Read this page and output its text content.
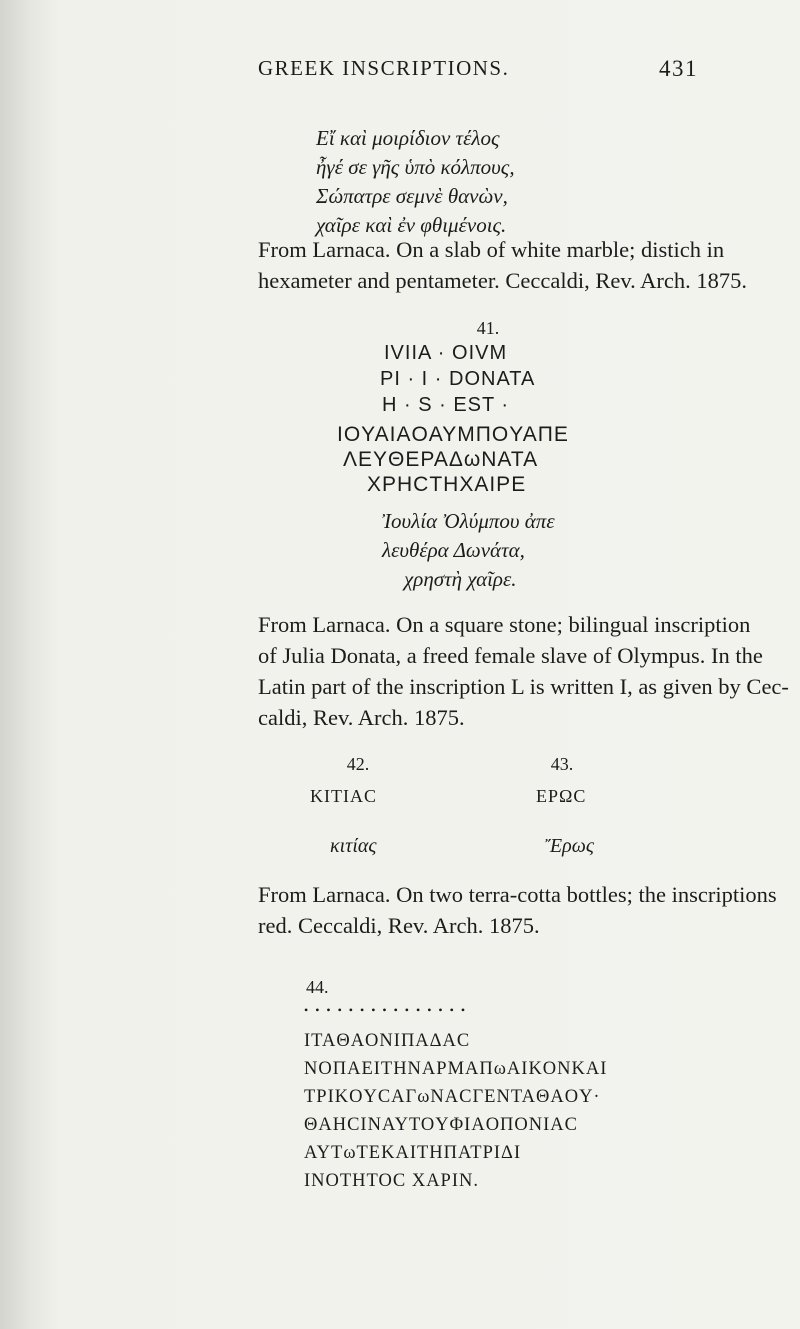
GREEK INSCRIPTIONS.	431
Εἴ καὶ μοιρίδιον τέλος
ἦγέ σε γῆς ὑπὸ κόλπους,
Σώπατρε σεμνὲ θανὼν,
χαῖρε καὶ ἐν φθιμένοις.
From Larnaca. On a slab of white marble; distich in
hexameter and pentameter. Ceccaldi, Rev. Arch. 1875.
41.
IVIIA · OIVM
PI · I · DONATA
H · S · EST ·
IOYAIAOAYMΠOYAΠE
ΛEYΘEPAΔωNATA
XPHCTHXAIPE
Ἰουλία Ὀλύμπου ἀπε
λευθέρα Δωνάτα,
χρηστὴ χαῖρε.
From Larnaca. On a square stone; bilingual inscription
of Julia Donata, a freed female slave of Olympus. In the
Latin part of the inscription L is written I, as given by Cec-
caldi, Rev. Arch. 1875.
42.
KITIAC
κιτίας
43.
EPΩC
Ἔρως
From Larnaca. On two terra-cotta bottles; the inscriptions
red. Ceccaldi, Rev. Arch. 1875.
44.
• • • • • • • • • • • • • • •
ITAΘAONIΠAΔAC
NOΠAEITHNAPMAΠωAIKONKAI
TPIKOYCAΓωNACΓENTAΘAOY·
ΘAHCINAYTOYΦIAOΠONIAC
AYTωTEKAITHΠATPIΔI
INOTHTOC XAPIN.
